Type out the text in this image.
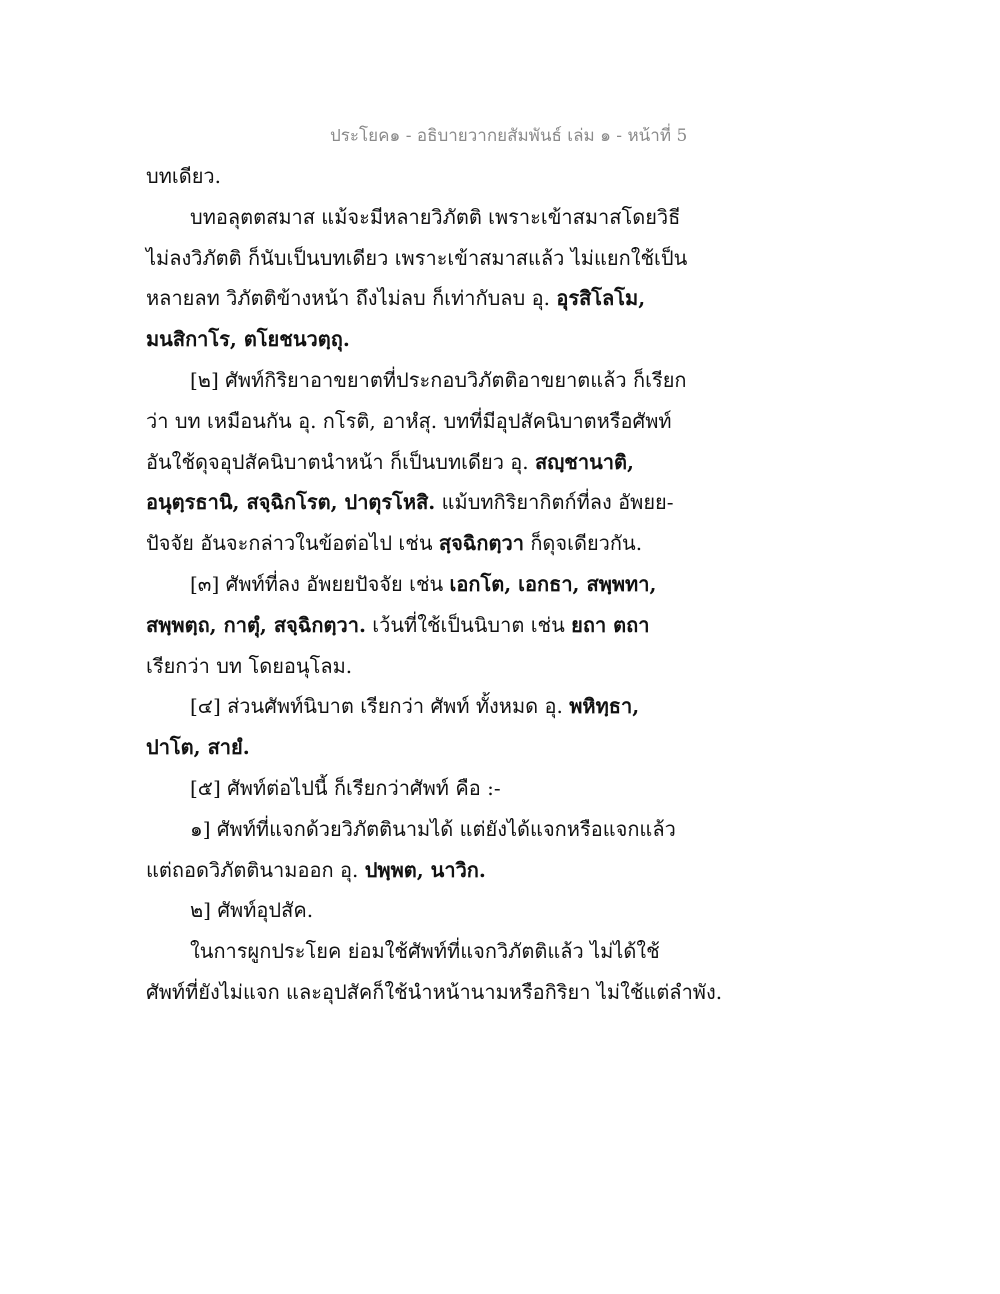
ประโยค๑ - อธิบายวากยสัมพันธ์ เล่ม ๑ - หน้าที่ 5
บทเดียว.
บทอลุตตสมาส แม้จะมีหลายวิภัตติ เพราะเข้าสมาสโดยวิธี
ไม่ลงวิภัตติ ก็นับเป็นบทเดียว เพราะเข้าสมาสแล้ว ไม่แยกใช้เป็น
หลายลท วิภัตติข้างหน้า ถึงไม่ลบ ก็เท่ากับลบ อุ. อุรสิโลโม,
มนสิกาโร, ตโยชนวตฺถุ.
[๒] ศัพท์กิริยาอาขยาตที่ประกอบวิภัตติอาขยาตแล้ว ก็เรียก
ว่า บท เหมือนกัน อุ. กโรติ, อาหํสุ. บทที่มีอุปสัคนิบาตหรือศัพท์
อันใช้ดุจอุปสัคนิบาตนำหน้า ก็เป็นบทเดียว อุ. สญฺชานาติ,
อนุตฺรธานิ, สจฺฉิกโรต, ปาตุรโหสิ. แม้บทกิริยากิตก์ที่ลง อัพยย-
ปัจจัย อันจะกล่าวในข้อต่อไป เช่น สฺจฉิกตฺวา ก็ดุจเดียวกัน.
[๓] ศัพท์ที่ลง อัพยยปัจจัย เช่น เอกโต, เอกธา, สพฺพทา,
สพฺพตฺถ, กาตุํ, สจฺฉิกตฺวา. เว้นที่ใช้เป็นนิบาต เช่น ยถา ตถา
เรียกว่า บท โดยอนุโลม.
[๔] ส่วนศัพท์นิบาต เรียกว่า ศัพท์ ทั้งหมด อุ. พหิทฺธา,
ปาโต, สายํ.
[๕] ศัพท์ต่อไปนี้ ก็เรียกว่าศัพท์ คือ :-
๑] ศัพท์ที่แจกด้วยวิภัตตินามได้ แต่ยังได้แจกหรือแจกแล้ว
แต่ถอดวิภัตตินามออก อุ. ปพฺพต, นาวิก.
๒] ศัพท์อุปสัค.
ในการผูกประโยค ย่อมใช้ศัพท์ที่แจกวิภัตติแล้ว ไม่ได้ใช้
ศัพท์ที่ยังไม่แจก และอุปสัคก็ใช้นำหน้านามหรือกิริยา ไม่ใช้แต่ลำพัง.
